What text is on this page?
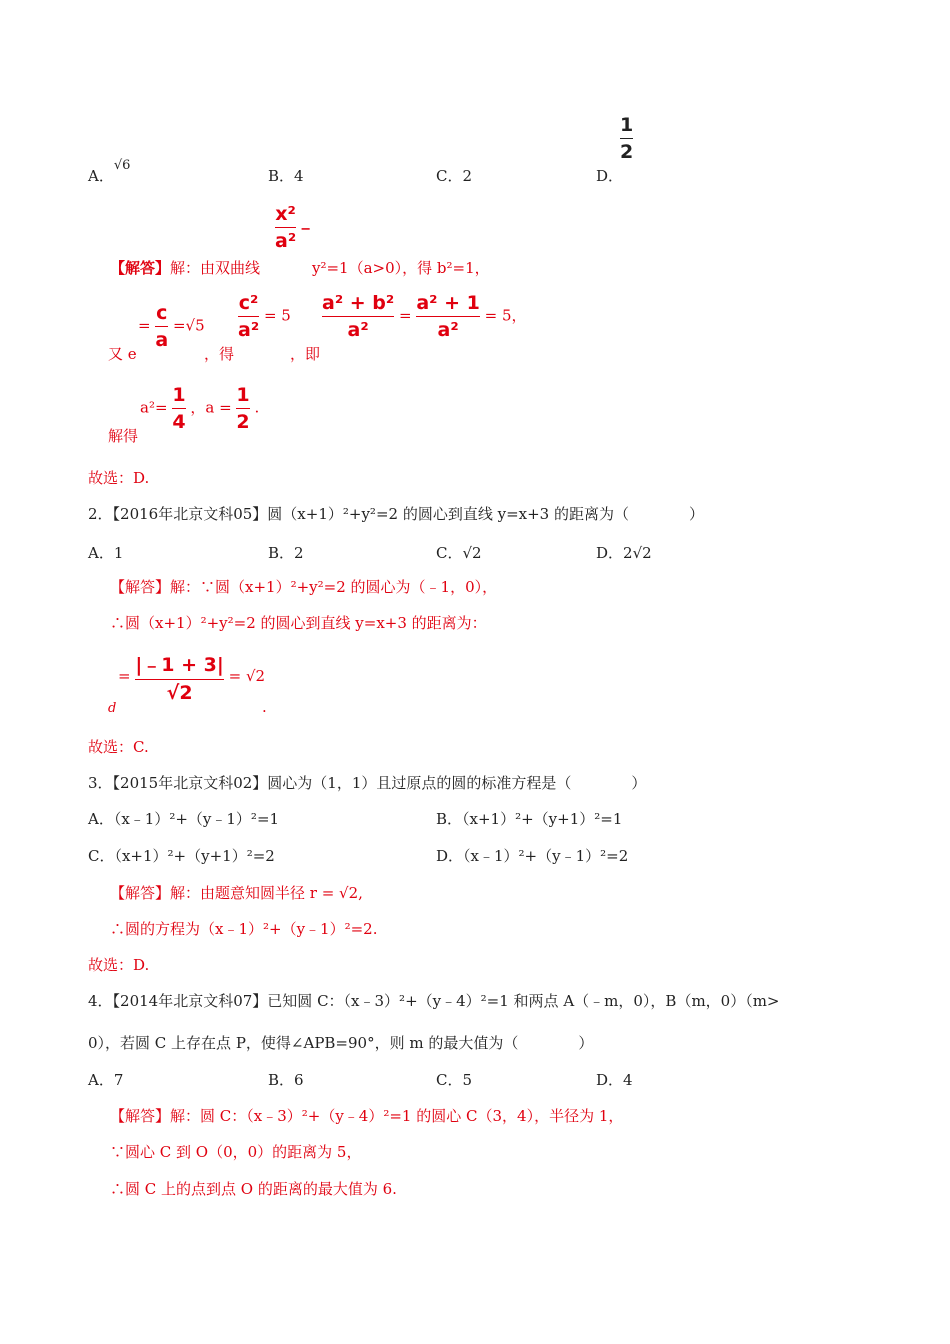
A．√6
B．4	C．2	D．
$\frac{1}{2}$
$\frac{\text{x²}}{\text{a²}}$ ﹣
【解答】解：由双曲线	y²=1（a>0），得 b²=1，
又 e
= $\frac{c}{a} =√5$
，得
$\frac{\text{c²}}{\text{a²}} = 5$
，即
$\frac{\text{a² + b²}}{\text{a²}} = \frac{\text{a² + 1}}{\text{a²}} = 5$，
解得
$a^2= \frac{1}{4}$ ，$a = \frac{1}{2}$ .
故选：D.
2．【2016年北京文科05】圆（x+1）²+y²=2 的圆心到直线 y=x+3 的距离为（　　　　）
A．1	B．2	C．√2	D．2√2
【解答】解：∵圆（x+1）²+y²=2 的圆心为（﹣1，0），
∴圆（x+1）²+y²=2 的圆心到直线 y=x+3 的距离为：
d
= $\frac{|﹣1 + 3|}{√2} = √2$
.
故选：C.
3．【2015年北京文科02】圆心为（1，1）且过原点的圆的标准方程是（　　　　）
A．（x﹣1）²+（y﹣1）²=1	B．（x+1）²+（y+1）²=1
C．（x+1）²+（y+1）²=2	D．（x﹣1）²+（y﹣1）²=2
【解答】解：由题意知圆半径 r = √2,
∴圆的方程为（x﹣1）²+（y﹣1）²=2.
故选：D.
4．【2014年北京文科07】已知圆 C：（x﹣3）²+（y﹣4）²=1 和两点 A（﹣m，0），B（m，0）（m>
0），若圆 C 上存在点 P，使得∠APB=90°，则 m 的最大值为（　　　　）
A．7	B．6	C．5	D．4
【解答】解：圆 C：（x﹣3）²+（y﹣4）²=1 的圆心 C（3，4），半径为 1，
∵圆心 C 到 O（0，0）的距离为 5，
∴圆 C 上的点到点 O 的距离的最大值为 6.
